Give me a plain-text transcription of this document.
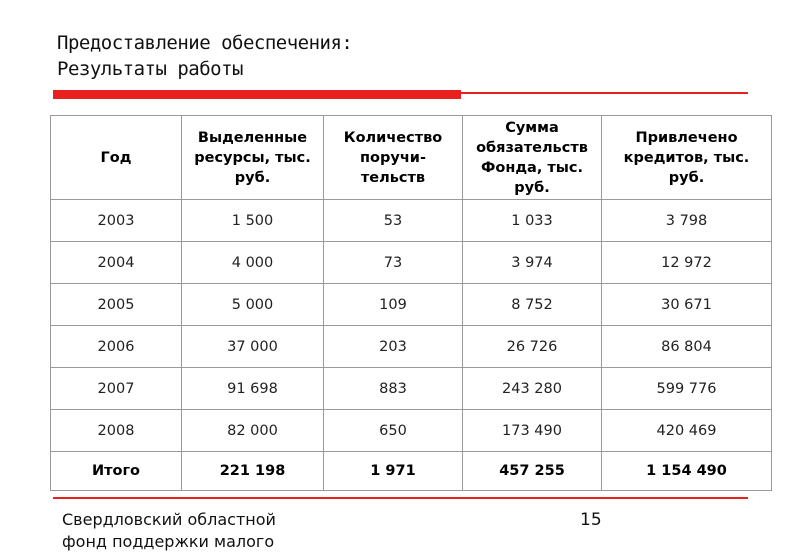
Предоставление обеспечения:
Результаты работы
Год	Выделенные ресурсы, тыс. руб.	Количество поручи-тельств	Сумма обязательств Фонда, тыс. руб.	Привлечено кредитов, тыс. руб.
2003	1 500	53	1 033	3 798
2004	4 000	73	3 974	12 972
2005	5 000	109	8 752	30 671
2006	37 000	203	26 726	86 804
2007	91 698	883	243 280	599 776
2008	82 000	650	173 490	420 469
Итого	221 198	1 971	457 255	1 154 490
Свердловский областной
фонд поддержки малого
15
